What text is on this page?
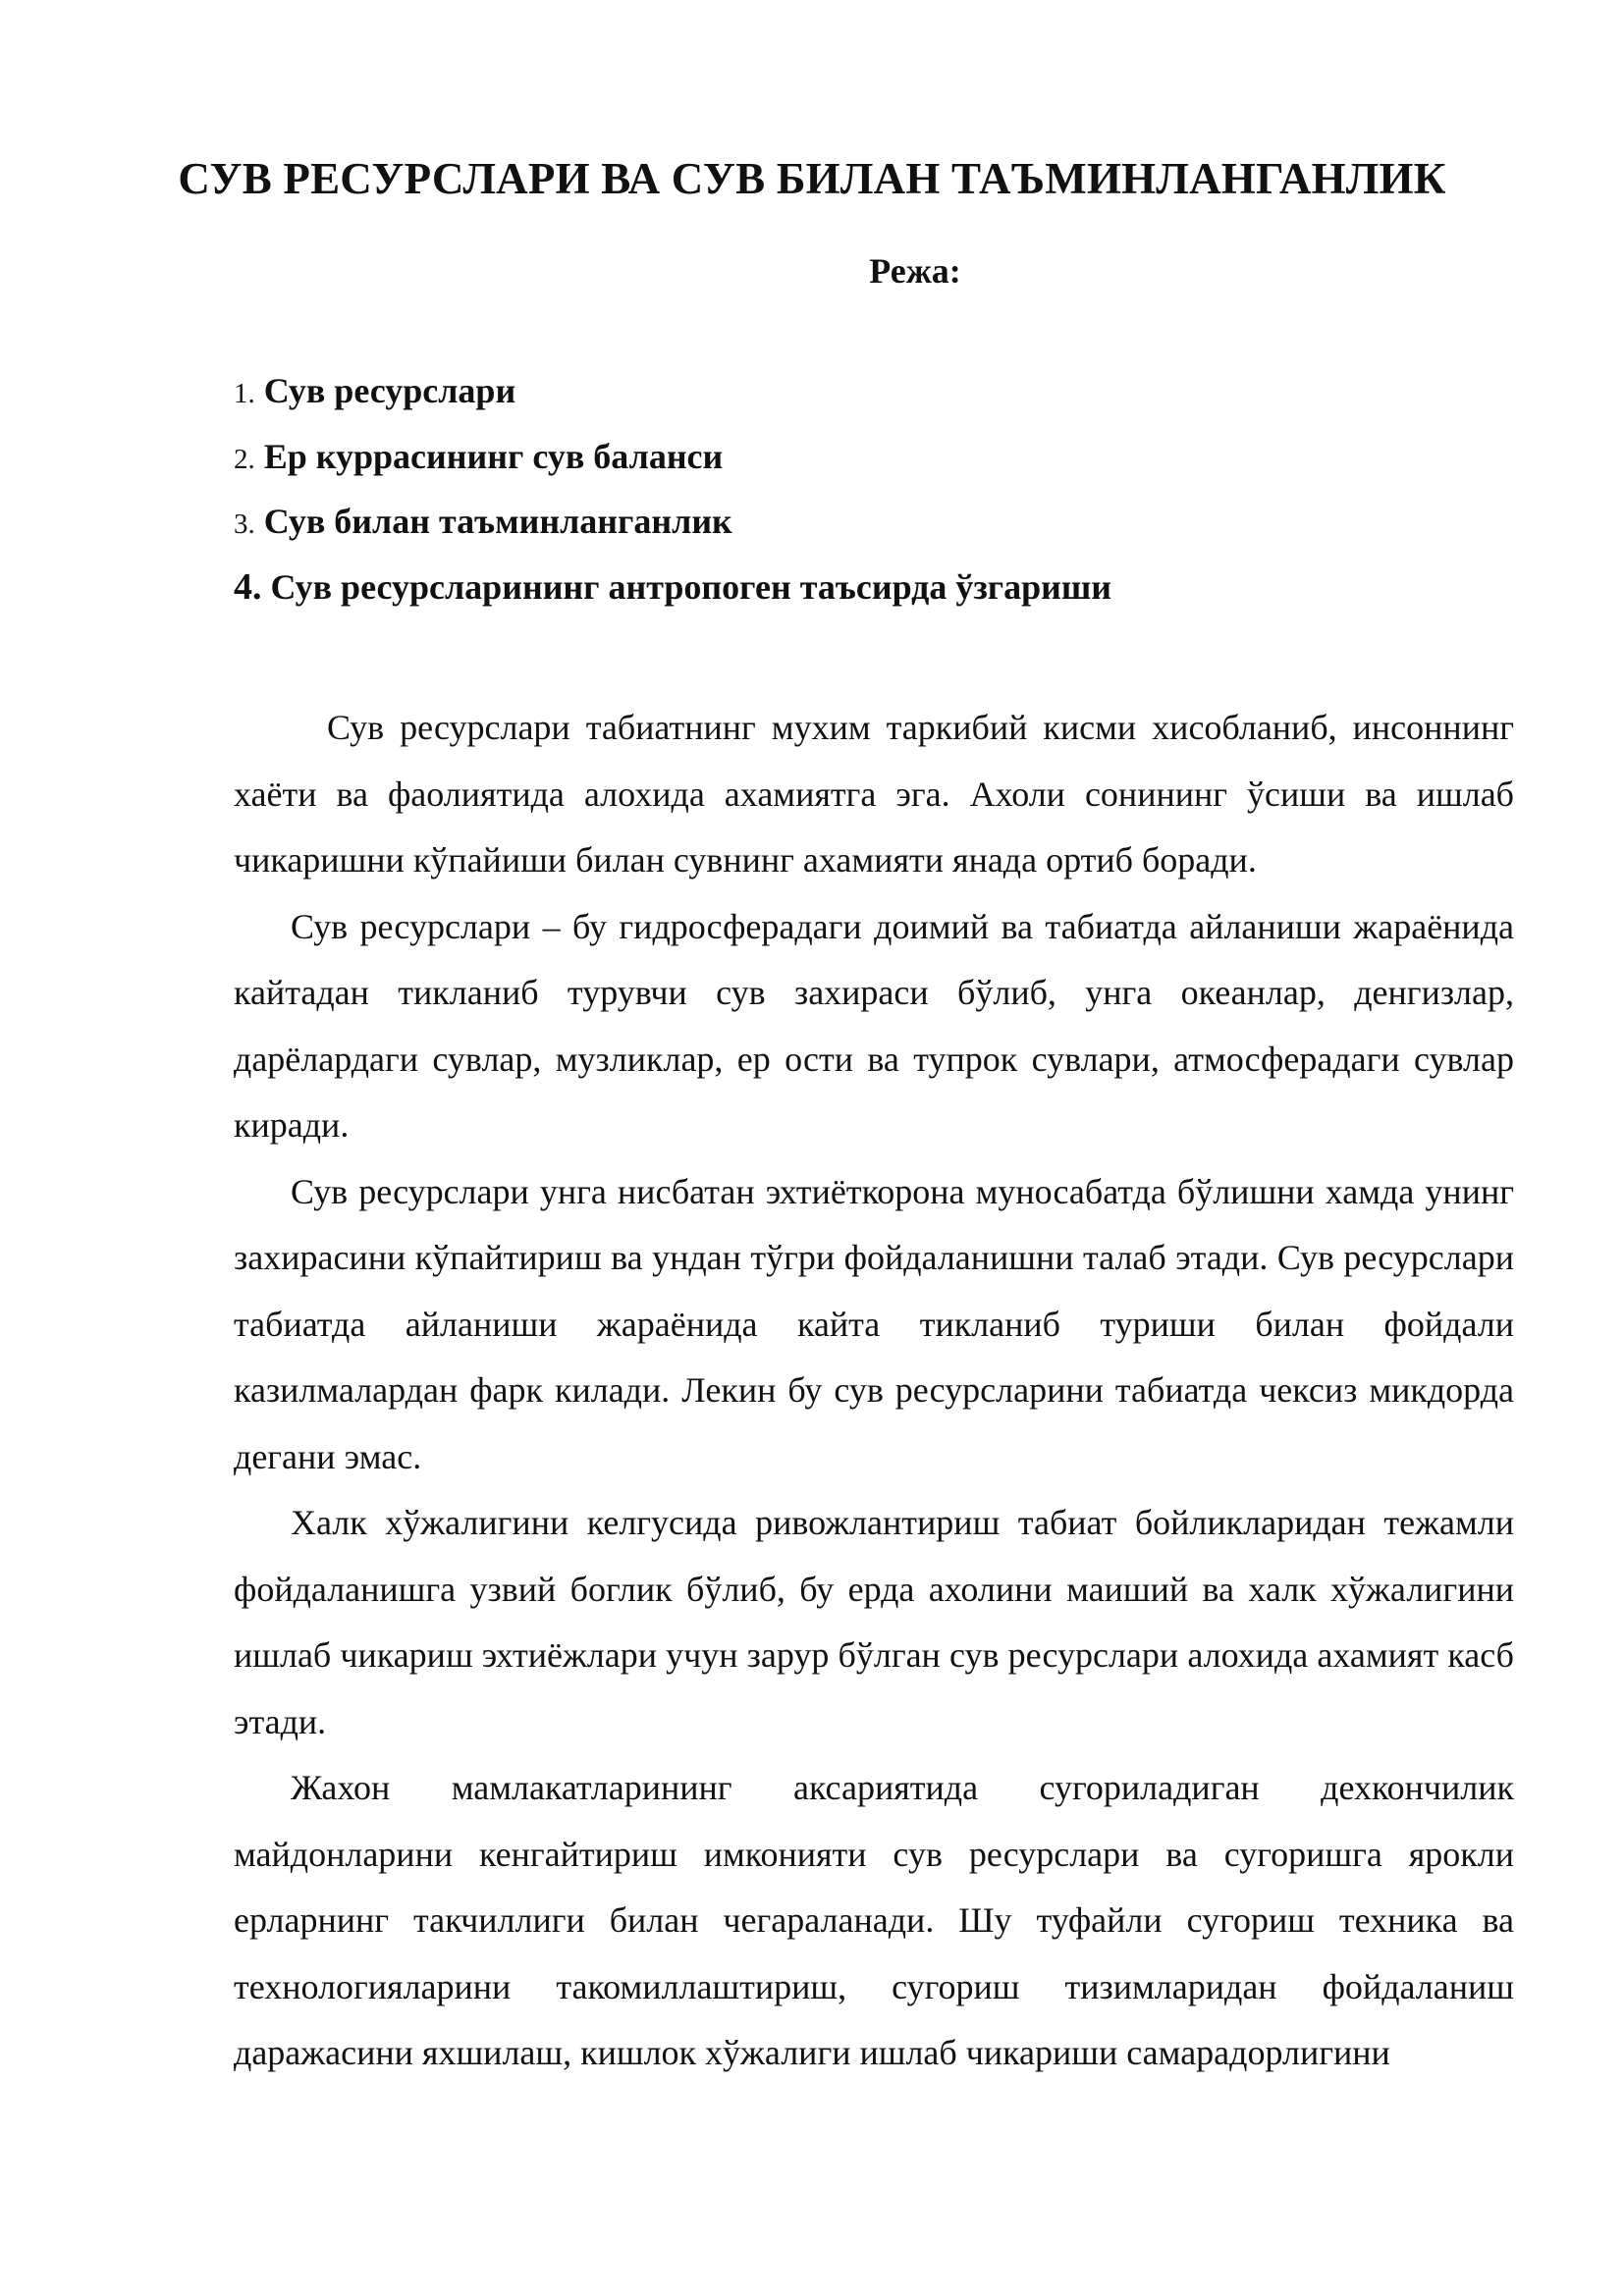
СУВ РЕСУРСЛАРИ ВА СУВ БИЛАН ТАЪМИНЛАНГАНЛИК
Режа:
1. Сув ресурслари
2. Ер куррасининг сув баланси
3. Сув билан таъминланганлик
4. Сув ресурсларининг антропоген таъсирда ўзгариши

Сув ресурслари табиатнинг мухим таркибий кисми хисобланиб, инсоннинг хаёти ва фаолиятида алохида ахамиятга эга. Ахоли сонининг ўсиши ва ишлаб чикаришни кўпайиши билан сувнинг ахамияти янада ортиб боради.

Сув ресурслари – бу гидросферадаги доимий ва табиатда айланиши жараёнида кайтадан тикланиб турувчи сув захираси бўлиб, унга океанлар, денгизлар, дарёлардаги сувлар, музликлар, ер ости ва тупрок сувлари, атмосферадаги сувлар киради.

Сув ресурслари унга нисбатан эхтиёткорона муносабатда бўлишни хамда унинг захирасини кўпайтириш ва ундан тўгри фойдаланишни талаб этади. Сув ресурслари табиатда айланиши жараёнида кайта тикланиб туриши билан фойдали казилмалардан фарк килади. Лекин бу сув ресурсларини табиатда чексиз микдорда дегани эмас.

Халк хўжалигини келгусида ривожлантириш табиат бойликларидан тежамли фойдаланишга узвий боглик бўлиб, бу ерда ахолини маиший ва халк хўжалигини ишлаб чикариш эхтиёжлари учун зарур бўлган сув ресурслари алохида ахамият касб этади.

Жахон мамлакатларининг аксариятида сугориладиган дехкончилик майдонларини кенгайтириш имконияти сув ресурслари ва сугоришга ярокли ерларнинг такчиллиги билан чегараланади. Шу туфайли сугориш техника ва технологияларини такомиллаштириш, сугориш тизимларидан фойдаланиш даражасини яхшилаш, кишлок хўжалиги ишлаб чикариши самарадорлигини
